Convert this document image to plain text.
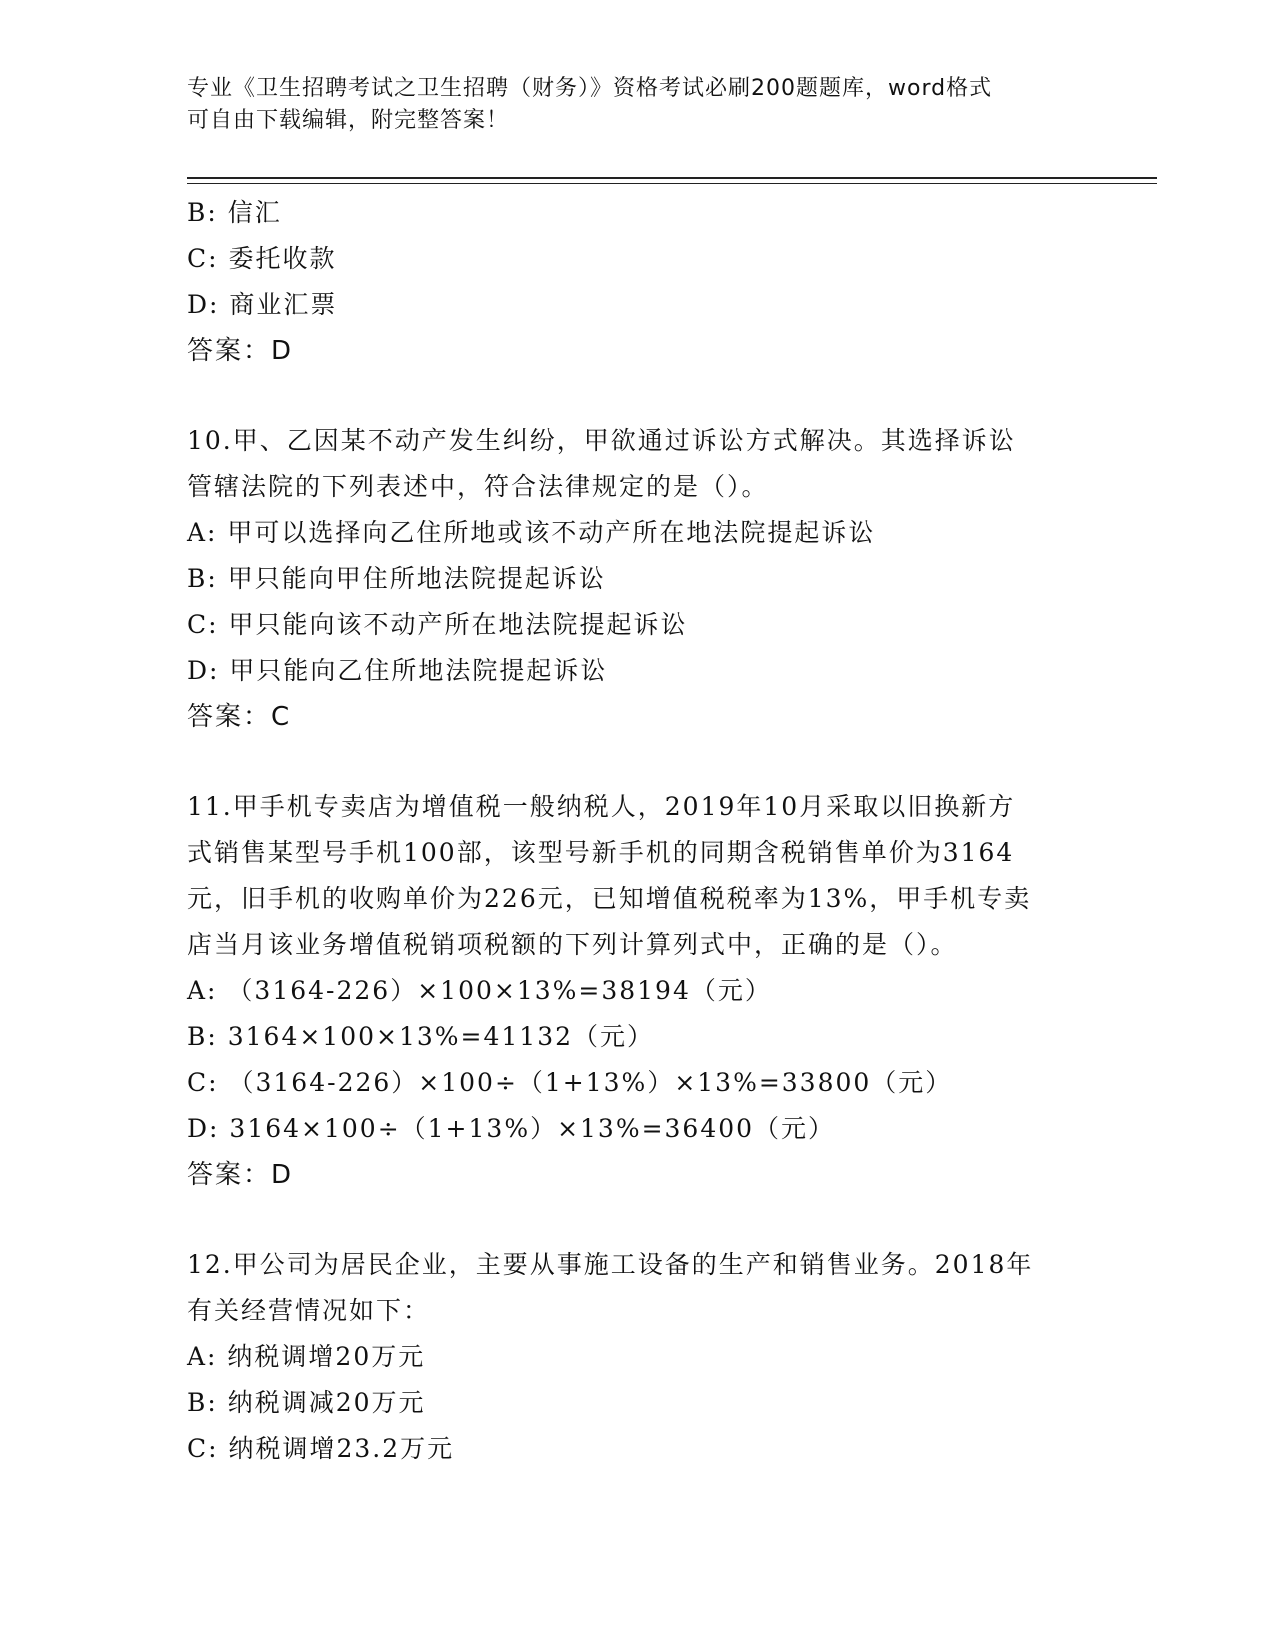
专业《卫生招聘考试之卫生招聘（财务）》资格考试必刷200题题库，word格式
可自由下载编辑，附完整答案！
B: 信汇
C: 委托收款
D: 商业汇票
答案：D
10.甲、乙因某不动产发生纠纷，甲欲通过诉讼方式解决。其选择诉讼
管辖法院的下列表述中，符合法律规定的是（）。
A: 甲可以选择向乙住所地或该不动产所在地法院提起诉讼
B: 甲只能向甲住所地法院提起诉讼
C: 甲只能向该不动产所在地法院提起诉讼
D: 甲只能向乙住所地法院提起诉讼
答案：C
11.甲手机专卖店为增值税一般纳税人，2019年10月采取以旧换新方
式销售某型号手机100部，该型号新手机的同期含税销售单价为3164
元，旧手机的收购单价为226元，已知增值税税率为13%，甲手机专卖
店当月该业务增值税销项税额的下列计算列式中，正确的是（）。
A: （3164-226）×100×13%=38194（元）
B: 3164×100×13%=41132（元）
C: （3164-226）×100÷（1+13%）×13%=33800（元）
D: 3164×100÷（1+13%）×13%=36400（元）
答案：D
12.甲公司为居民企业，主要从事施工设备的生产和销售业务。2018年
有关经营情况如下：
A: 纳税调增20万元
B: 纳税调减20万元
C: 纳税调增23.2万元
